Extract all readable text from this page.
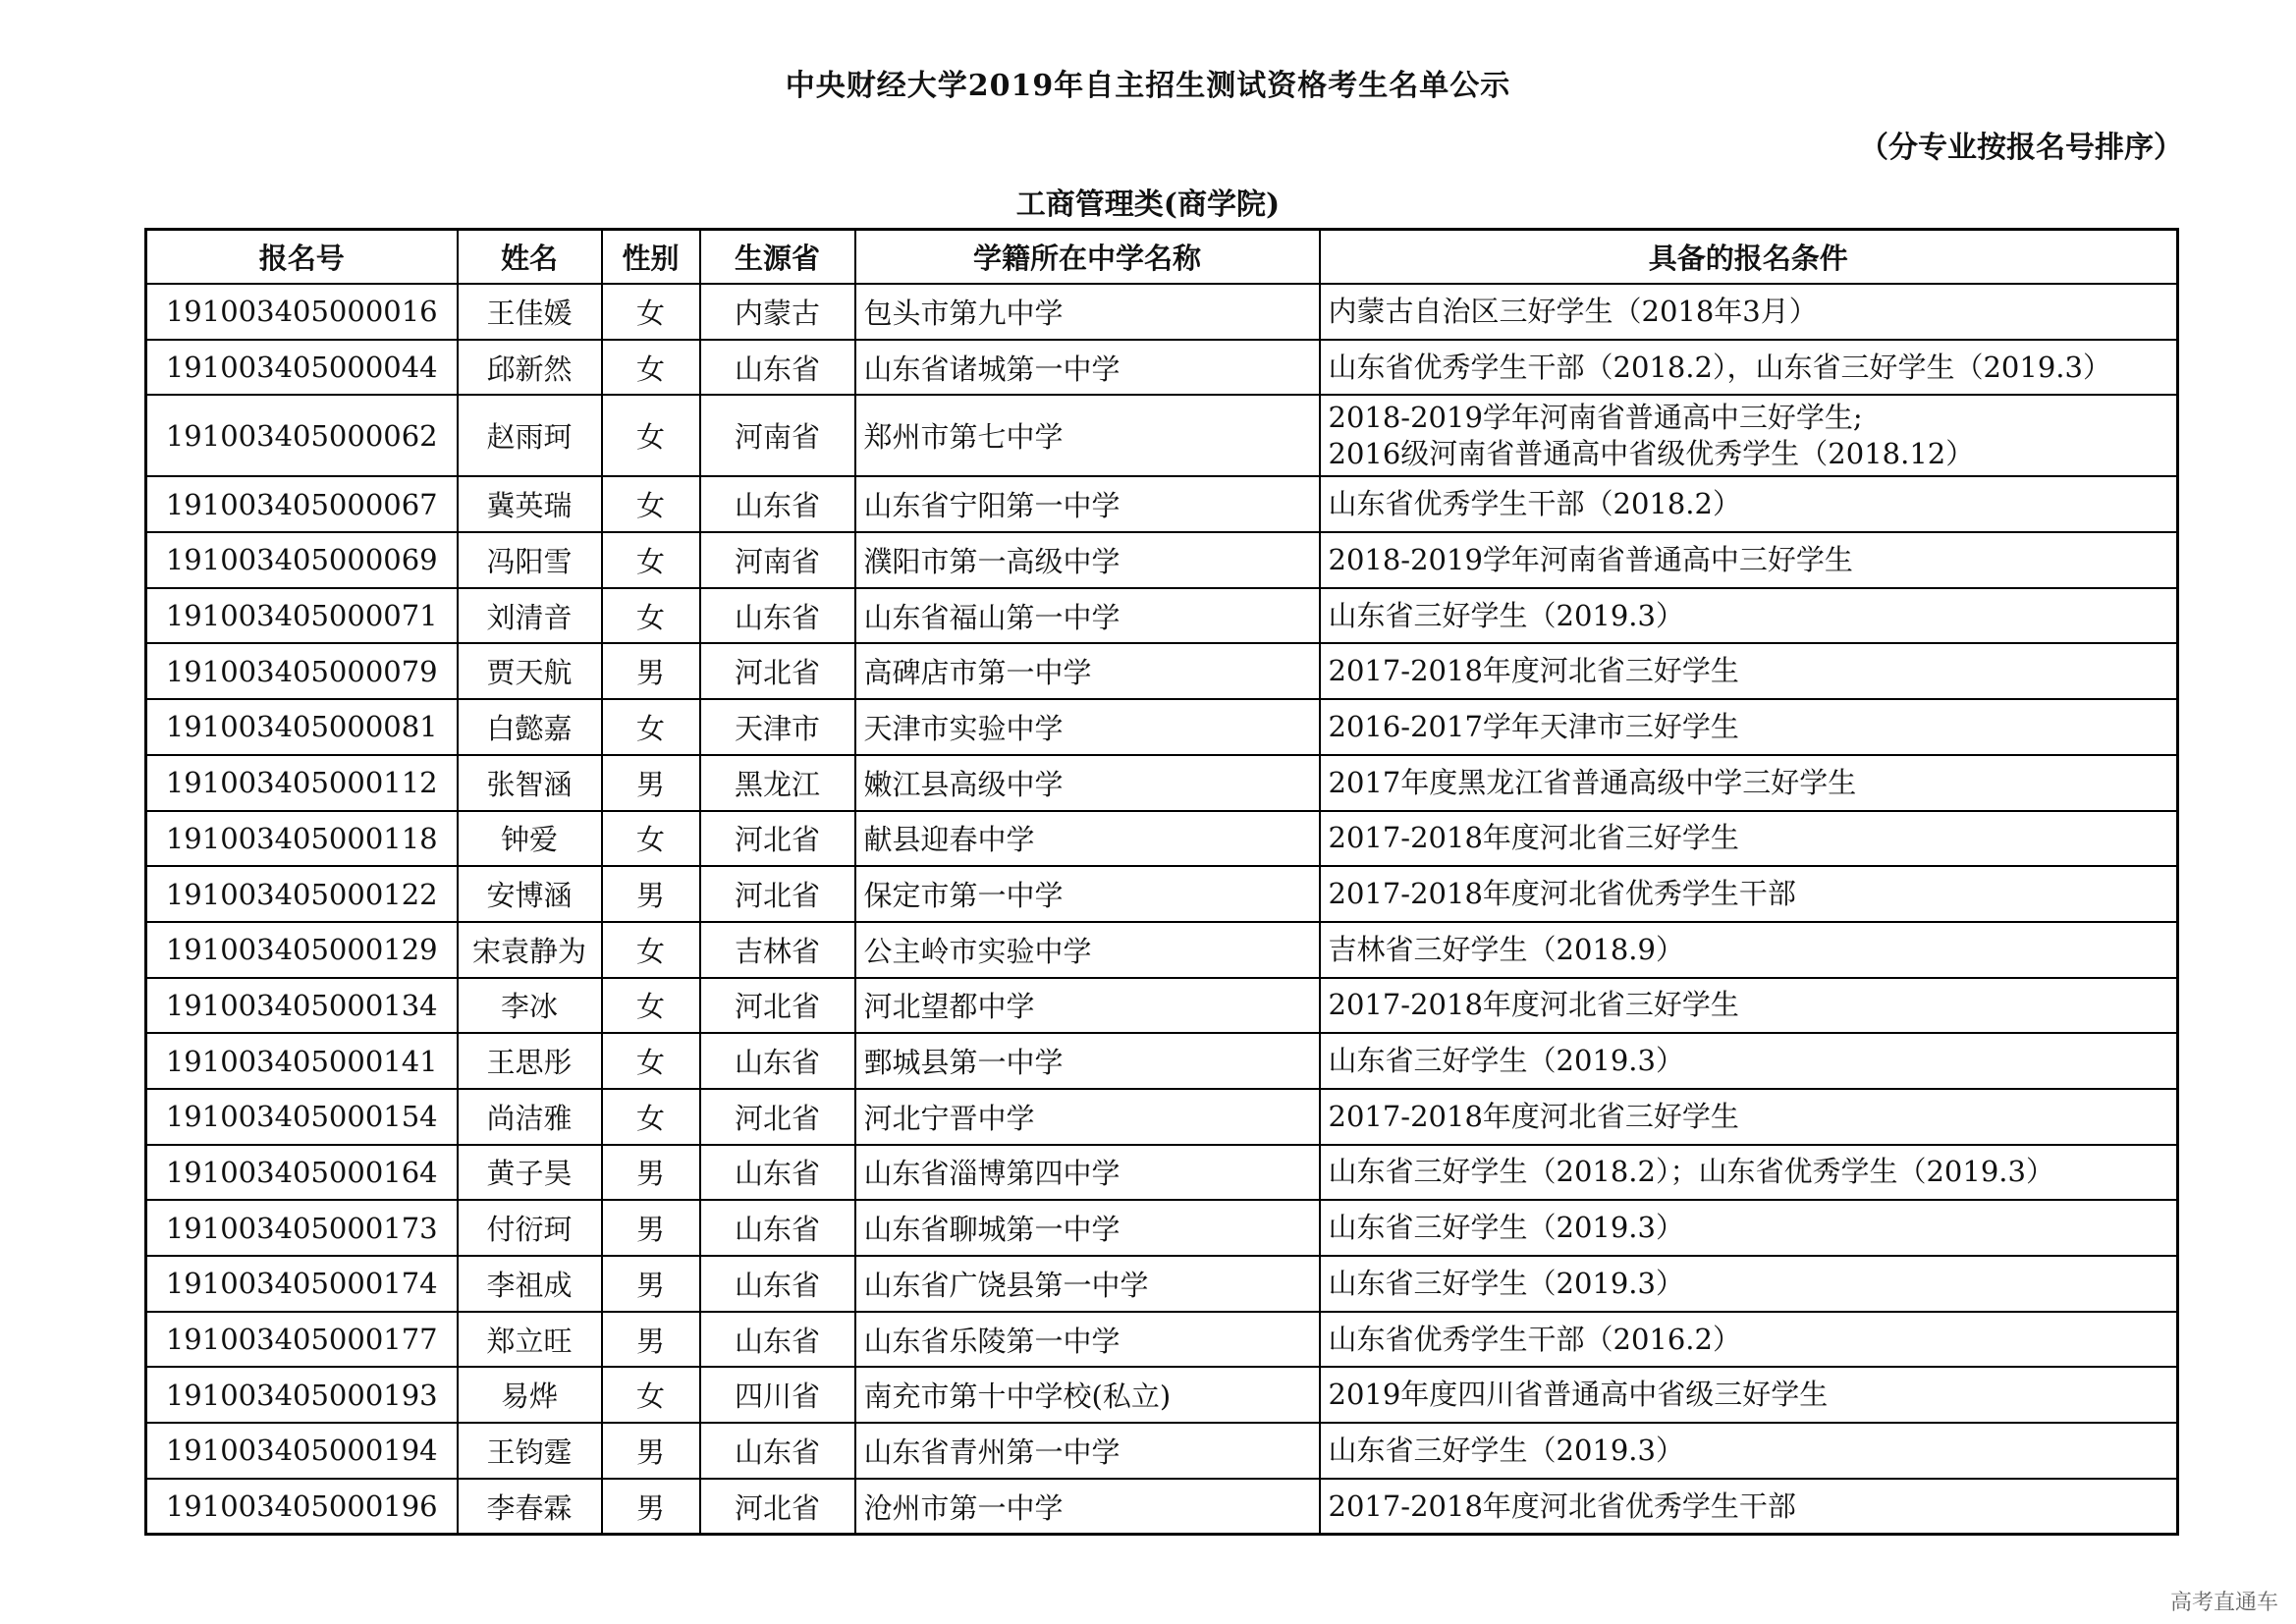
中央财经大学2019年自主招生测试资格考生名单公示
（分专业按报名号排序）
工商管理类(商学院)
报名号	姓名	性别	生源省	学籍所在中学名称	具备的报名条件
191003405000016	王佳媛	女	内蒙古	包头市第九中学	内蒙古自治区三好学生（2018年3月）

191003405000044	邱新然	女	山东省	山东省诸城第一中学	山东省优秀学生干部（2018.2），山东省三好学生（2019.3）

191003405000062	赵雨珂	女	河南省	郑州市第七中学	2018-2019学年河南省普通高中三好学生;
2016级河南省普通高中省级优秀学生（2018.12）

191003405000067	冀英瑞	女	山东省	山东省宁阳第一中学	山东省优秀学生干部（2018.2）

191003405000069	冯阳雪	女	河南省	濮阳市第一高级中学	2018-2019学年河南省普通高中三好学生

191003405000071	刘清音	女	山东省	山东省福山第一中学	山东省三好学生（2019.3）

191003405000079	贾天航	男	河北省	高碑店市第一中学	2017-2018年度河北省三好学生

191003405000081	白懿嘉	女	天津市	天津市实验中学	2016-2017学年天津市三好学生

191003405000112	张智涵	男	黑龙江	嫩江县高级中学	2017年度黑龙江省普通高级中学三好学生

191003405000118	钟爱	女	河北省	献县迎春中学	2017-2018年度河北省三好学生

191003405000122	安博涵	男	河北省	保定市第一中学	2017-2018年度河北省优秀学生干部

191003405000129	宋袁静为	女	吉林省	公主岭市实验中学	吉林省三好学生（2018.9）

191003405000134	李冰	女	河北省	河北望都中学	2017-2018年度河北省三好学生

191003405000141	王思彤	女	山东省	鄄城县第一中学	山东省三好学生（2019.3）

191003405000154	尚洁雅	女	河北省	河北宁晋中学	2017-2018年度河北省三好学生

191003405000164	黄子昊	男	山东省	山东省淄博第四中学	山东省三好学生（2018.2）；山东省优秀学生（2019.3）

191003405000173	付衍珂	男	山东省	山东省聊城第一中学	山东省三好学生（2019.3）

191003405000174	李祖成	男	山东省	山东省广饶县第一中学	山东省三好学生（2019.3）

191003405000177	郑立旺	男	山东省	山东省乐陵第一中学	山东省优秀学生干部（2016.2）

191003405000193	易烨	女	四川省	南充市第十中学校(私立)	2019年度四川省普通高中省级三好学生

191003405000194	王钧霆	男	山东省	山东省青州第一中学	山东省三好学生（2019.3）

191003405000196	李春霖	男	河北省	沧州市第一中学	2017-2018年度河北省优秀学生干部
高考直通车
